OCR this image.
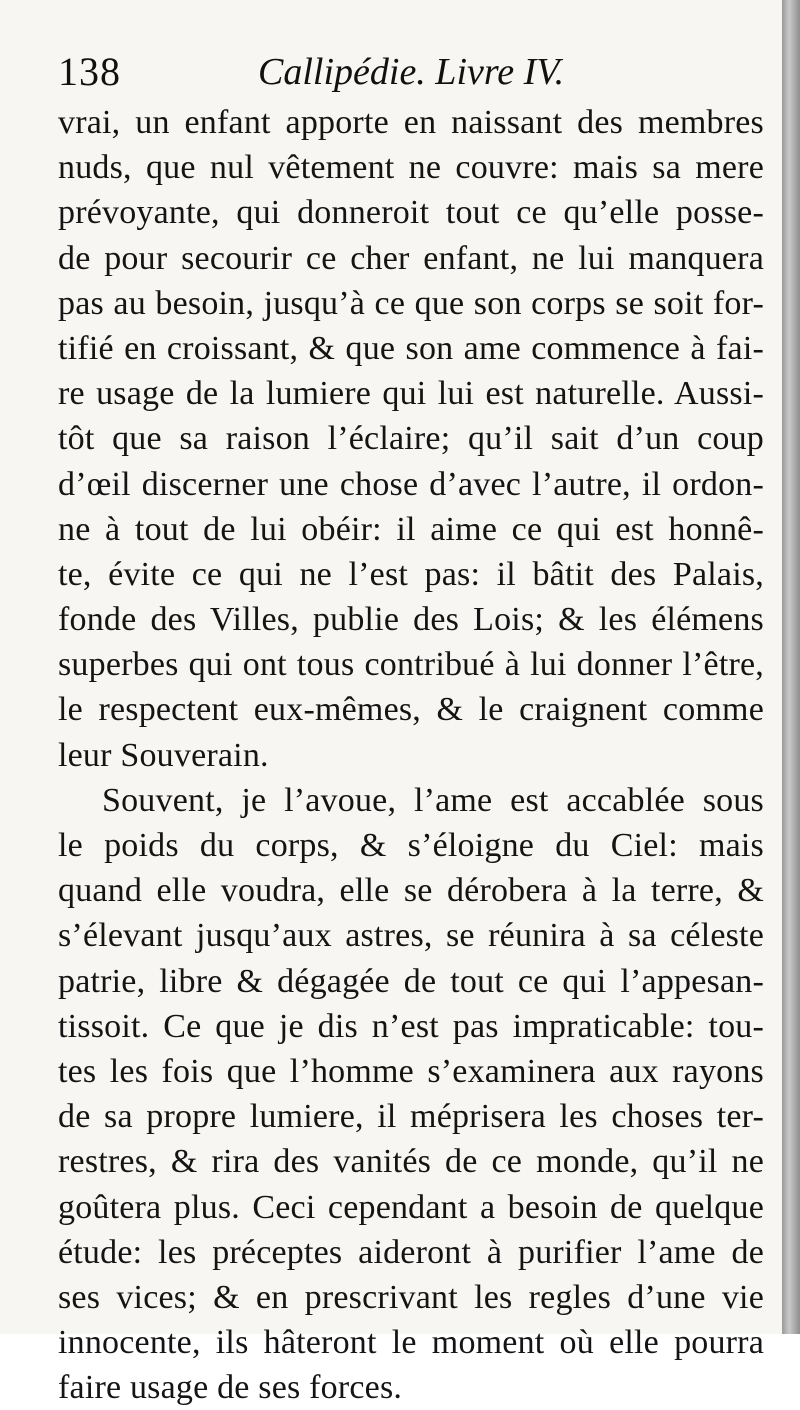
138	Callipédie. Livre IV.
vrai, un enfant apporte en naissant des membres
nuds, que nul vêtement ne couvre: mais sa mere
prévoyante, qui donneroit tout ce qu’elle posse-
de pour secourir ce cher enfant, ne lui manquera
pas au besoin, jusqu’à ce que son corps se soit for-
tifié en croissant, & que son ame commence à fai-
re usage de la lumiere qui lui est naturelle. Aussi-
tôt que sa raison l’éclaire; qu’il sait d’un coup
d’œil discerner une chose d’avec l’autre, il ordon-
ne à tout de lui obéir: il aime ce qui est honnê-
te, évite ce qui ne l’est pas: il bâtit des Palais,
fonde des Villes, publie des Lois; & les élémens
superbes qui ont tous contribué à lui donner l’être,
le respectent eux-mêmes, & le craignent comme
leur Souverain.
Souvent, je l’avoue, l’ame est accablée sous
le poids du corps, & s’éloigne du Ciel: mais
quand elle voudra, elle se dérobera à la terre, &
s’élevant jusqu’aux astres, se réunira à sa céleste
patrie, libre & dégagée de tout ce qui l’appesan-
tissoit. Ce que je dis n’est pas impraticable: tou-
tes les fois que l’homme s’examinera aux rayons
de sa propre lumiere, il méprisera les choses ter-
restres, & rira des vanités de ce monde, qu’il ne
goûtera plus. Ceci cependant a besoin de quelque
étude: les préceptes aideront à purifier l’ame de
ses vices; & en prescrivant les regles d’une vie
innocente, ils hâteront le moment où elle pourra
faire usage de ses forces.
